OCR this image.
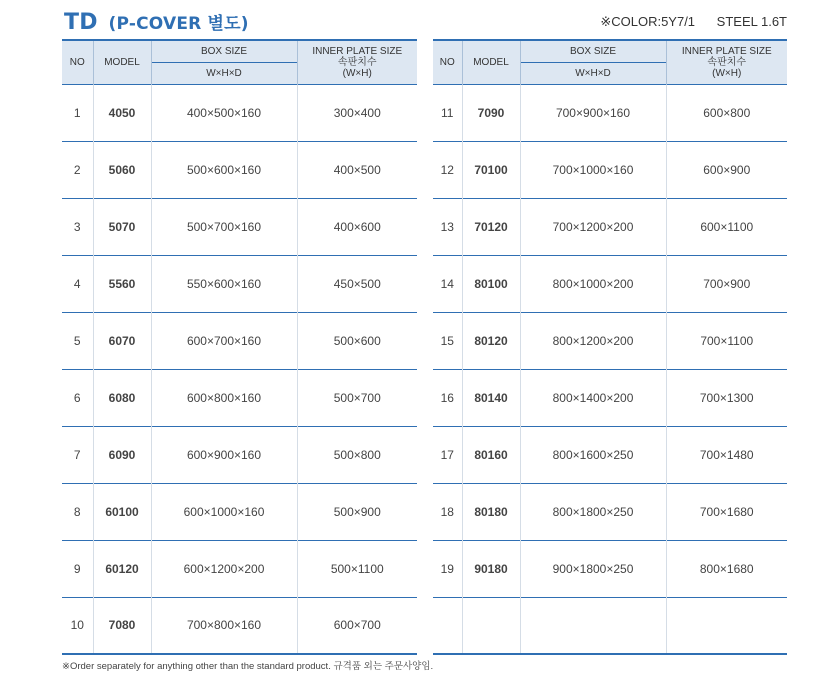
TD (P-COVER 별도)	※COLOR:5Y7/1 STEEL 1.6T
NO	MODEL	BOX SIZE	INNER PLATE SIZE
속판치수
(W×H)

		W×H×D	
1	4050	400×500×160	300×400
2	5060	500×600×160	400×500
3	5070	500×700×160	400×600
4	5560	550×600×160	450×500
5	6070	600×700×160	500×600
6	6080	600×800×160	500×700
7	6090	600×900×160	500×800
8	60100	600×1000×160	500×900
9	60120	600×1200×200	500×1100
10	7080	700×800×160	600×700
NO	MODEL	BOX SIZE	INNER PLATE SIZE
속판치수
(W×H)

		W×H×D	
11	7090	700×900×160	600×800
12	70100	700×1000×160	600×900
13	70120	700×1200×200	600×1100
14	80100	800×1000×200	700×900
15	80120	800×1200×200	700×1100
16	80140	800×1400×200	700×1300
17	80160	800×1600×250	700×1480
18	80180	800×1800×250	700×1680
19	90180	900×1800×250	800×1680

※Order separately for anything other than the standard product. 규격품 외는 주문사양임.
